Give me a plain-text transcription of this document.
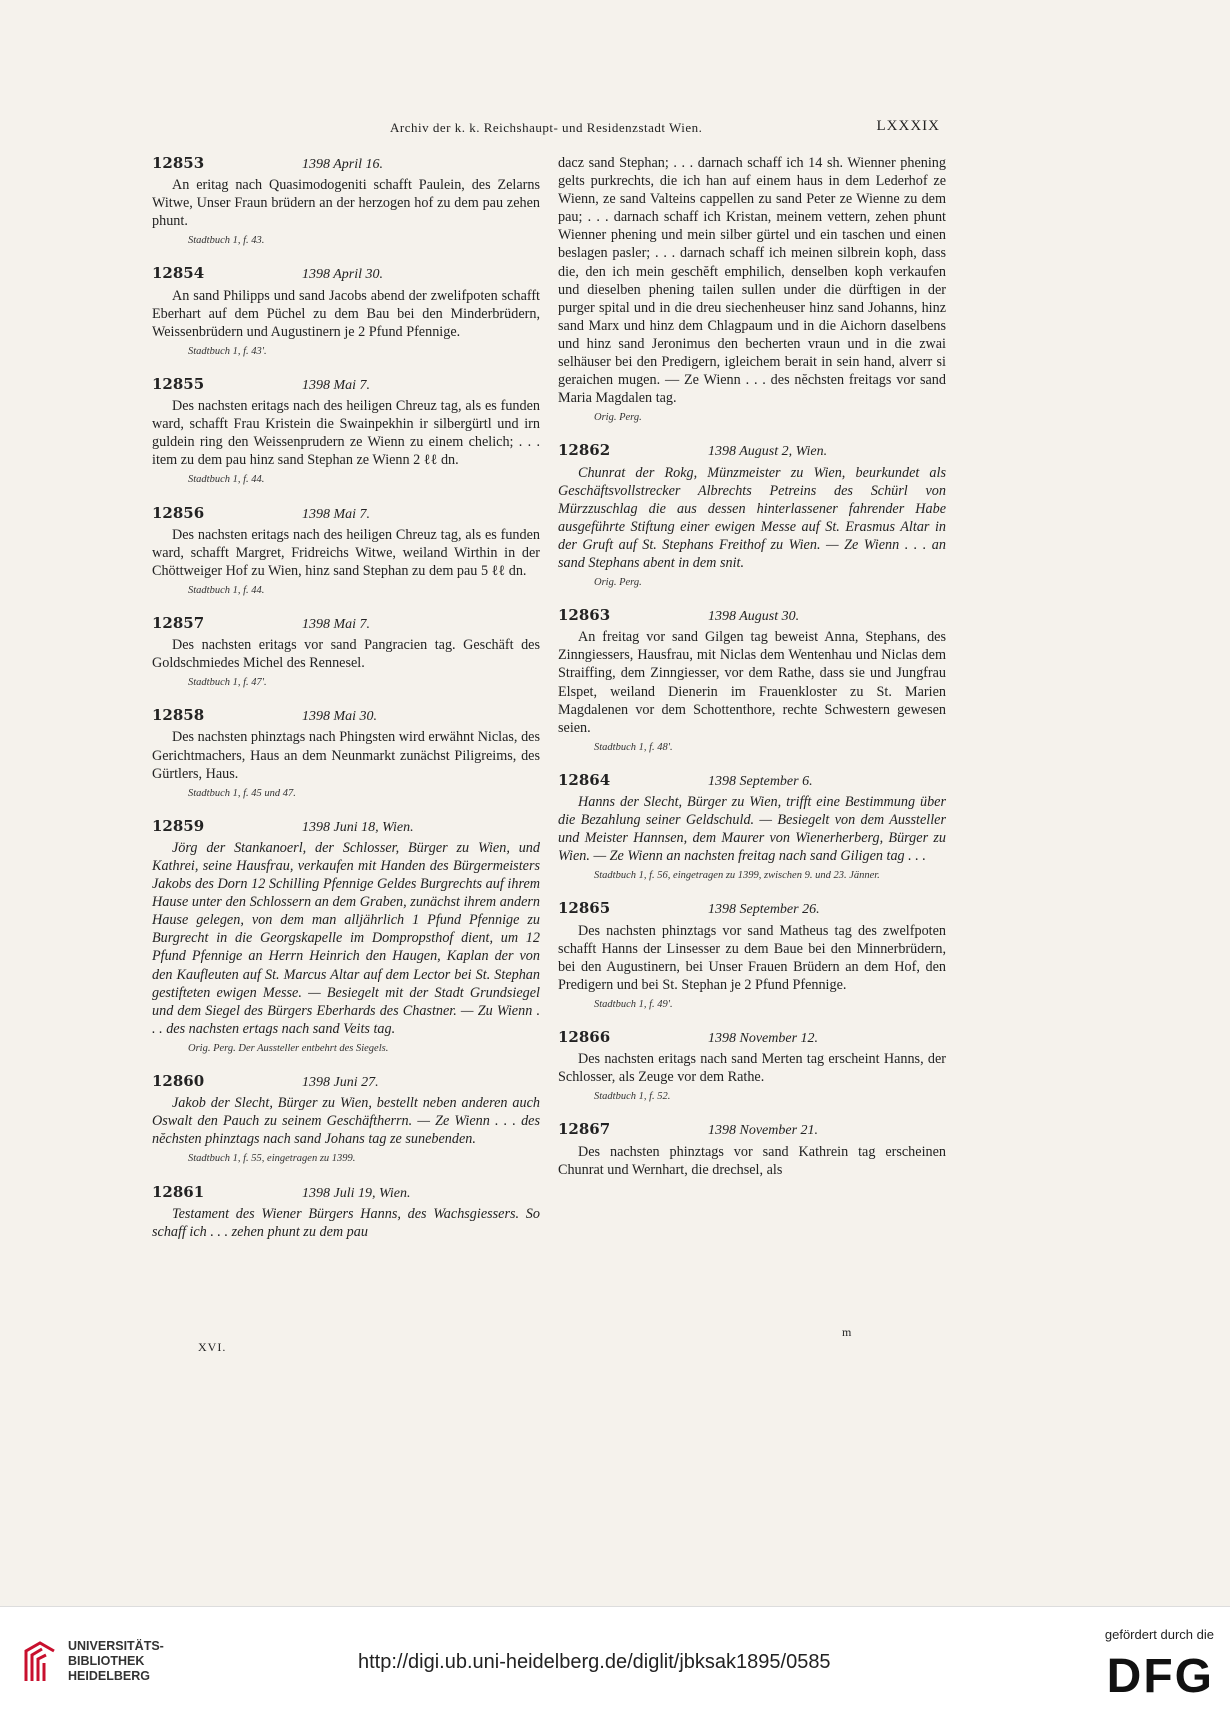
Archiv der k. k. Reichshaupt- und Residenzstadt Wien.	LXXXIX
12853	1398 April 16.
An eritag nach Quasimodogeniti schafft Paulein, des Zelarns Witwe, Unser Fraun brüdern an der herzogen hof zu dem pau zehen phunt.
Stadtbuch 1, f. 43.
12854	1398 April 30.
An sand Philipps und sand Jacobs abend der zwelifpoten schafft Eberhart auf dem Püchel zu dem Bau bei den Minderbrüdern, Weissenbrüdern und Augustinern je 2 Pfund Pfennige.
Stadtbuch 1, f. 43'.
12855	1398 Mai 7.
Des nachsten eritags nach des heiligen Chreuz tag, als es funden ward, schafft Frau Kristein die Swainpekhin ir silbergürtl und irn guldein ring den Weissenprudern ze Wienn zu einem chelich; . . . item zu dem pau hinz sand Stephan ze Wienn 2 ℓℓ dn.
Stadtbuch 1, f. 44.
12856	1398 Mai 7.
Des nachsten eritags nach des heiligen Chreuz tag, als es funden ward, schafft Margret, Fridreichs Witwe, weiland Wirthin in der Chöttweiger Hof zu Wien, hinz sand Stephan zu dem pau 5 ℓℓ dn.
Stadtbuch 1, f. 44.
12857	1398 Mai 7.
Des nachsten eritags vor sand Pangracien tag. Geschäft des Goldschmiedes Michel des Rennesel.
Stadtbuch 1, f. 47'.
12858	1398 Mai 30.
Des nachsten phinztags nach Phingsten wird erwähnt Niclas, des Gerichtmachers, Haus an dem Neunmarkt zunächst Piligreims, des Gürtlers, Haus.
Stadtbuch 1, f. 45 und 47.
12859	1398 Juni 18, Wien.
Jörg der Stankanoerl, der Schlosser, Bürger zu Wien, und Kathrei, seine Hausfrau, verkaufen mit Handen des Bürgermeisters Jakobs des Dorn 12 Schilling Pfennige Geldes Burgrechts auf ihrem Hause unter den Schlossern an dem Graben, zunächst ihrem andern Hause gelegen, von dem man alljährlich 1 Pfund Pfennige zu Burgrecht in die Georgskapelle im Dompropsthof dient, um 12 Pfund Pfennige an Herrn Heinrich den Haugen, Kaplan der von den Kaufleuten auf St. Marcus Altar auf dem Lector bei St. Stephan gestifteten ewigen Messe. — Besiegelt mit der Stadt Grundsiegel und dem Siegel des Bürgers Eberhards des Chastner. — Zu Wienn . . . des nachsten ertags nach sand Veits tag.
Orig. Perg. Der Aussteller entbehrt des Siegels.
12860	1398 Juni 27.
Jakob der Slecht, Bürger zu Wien, bestellt neben anderen auch Oswalt den Pauch zu seinem Geschäftherrn. — Ze Wienn . . . des nĕchsten phinztags nach sand Johans tag ze sunebenden.
Stadtbuch 1, f. 55, eingetragen zu 1399.
12861	1398 Juli 19, Wien.
Testament des Wiener Bürgers Hanns, des Wachsgiessers. So schaff ich . . . zehen phunt zu dem pau
dacz sand Stephan; . . . darnach schaff ich 14 sh. Wienner phening gelts purkrechts, die ich han auf einem haus in dem Lederhof ze Wienn, ze sand Valteins cappellen zu sand Peter ze Wienne zu dem pau; . . . darnach schaff ich Kristan, meinem vettern, zehen phunt Wienner phening und mein silber gürtel und ein taschen und einen beslagen pasler; . . . darnach schaff ich meinen silbrein koph, dass die, den ich mein geschĕft emphilich, denselben koph verkaufen und dieselben phening tailen sullen under die dürftigen in der purger spital und in die dreu siechenheuser hinz sand Johanns, hinz sand Marx und hinz dem Chlagpaum und in die Aichorn daselbens und hinz sand Jeronimus den becherten vraun und in die zwai selhäuser bei den Predigern, igleichem berait in sein hand, alverr si geraichen mugen. — Ze Wienn . . . des nĕchsten freitags vor sand Maria Magdalen tag.
Orig. Perg.
12862	1398 August 2, Wien.
Chunrat der Rokg, Münzmeister zu Wien, beurkundet als Geschäftsvollstrecker Albrechts Petreins des Schürl von Mürzzuschlag die aus dessen hinterlassener fahrender Habe ausgeführte Stiftung einer ewigen Messe auf St. Erasmus Altar in der Gruft auf St. Stephans Freithof zu Wien. — Ze Wienn . . . an sand Stephans abent in dem snit.
Orig. Perg.
12863	1398 August 30.
An freitag vor sand Gilgen tag beweist Anna, Stephans, des Zinngiessers, Hausfrau, mit Niclas dem Wentenhau und Niclas dem Straiffing, dem Zinngiesser, vor dem Rathe, dass sie und Jungfrau Elspet, weiland Dienerin im Frauenkloster zu St. Marien Magdalenen vor dem Schottenthore, rechte Schwestern gewesen seien.
Stadtbuch 1, f. 48'.
12864	1398 September 6.
Hanns der Slecht, Bürger zu Wien, trifft eine Bestimmung über die Bezahlung seiner Geldschuld. — Besiegelt von dem Aussteller und Meister Hannsen, dem Maurer von Wienerherberg, Bürger zu Wien. — Ze Wienn an nachsten freitag nach sand Giligen tag . . .
Stadtbuch 1, f. 56, eingetragen zu 1399, zwischen 9. und 23. Jänner.
12865	1398 September 26.
Des nachsten phinztags vor sand Matheus tag des zwelfpoten schafft Hanns der Linsesser zu dem Baue bei den Minnerbrüdern, bei den Augustinern, bei Unser Frauen Brüdern an dem Hof, den Predigern und bei St. Stephan je 2 Pfund Pfennige.
Stadtbuch 1, f. 49'.
12866	1398 November 12.
Des nachsten eritags nach sand Merten tag erscheint Hanns, der Schlosser, als Zeuge vor dem Rathe.
Stadtbuch 1, f. 52.
12867	1398 November 21.
Des nachsten phinztags vor sand Kathrein tag erscheinen Chunrat und Wernhart, die drechsel, als
XVI.
m
UNIVERSITÄTS-
BIBLIOTHEK
HEIDELBERG
http://digi.ub.uni-heidelberg.de/diglit/jbksak1895/0585
gefördert durch die
DFG
